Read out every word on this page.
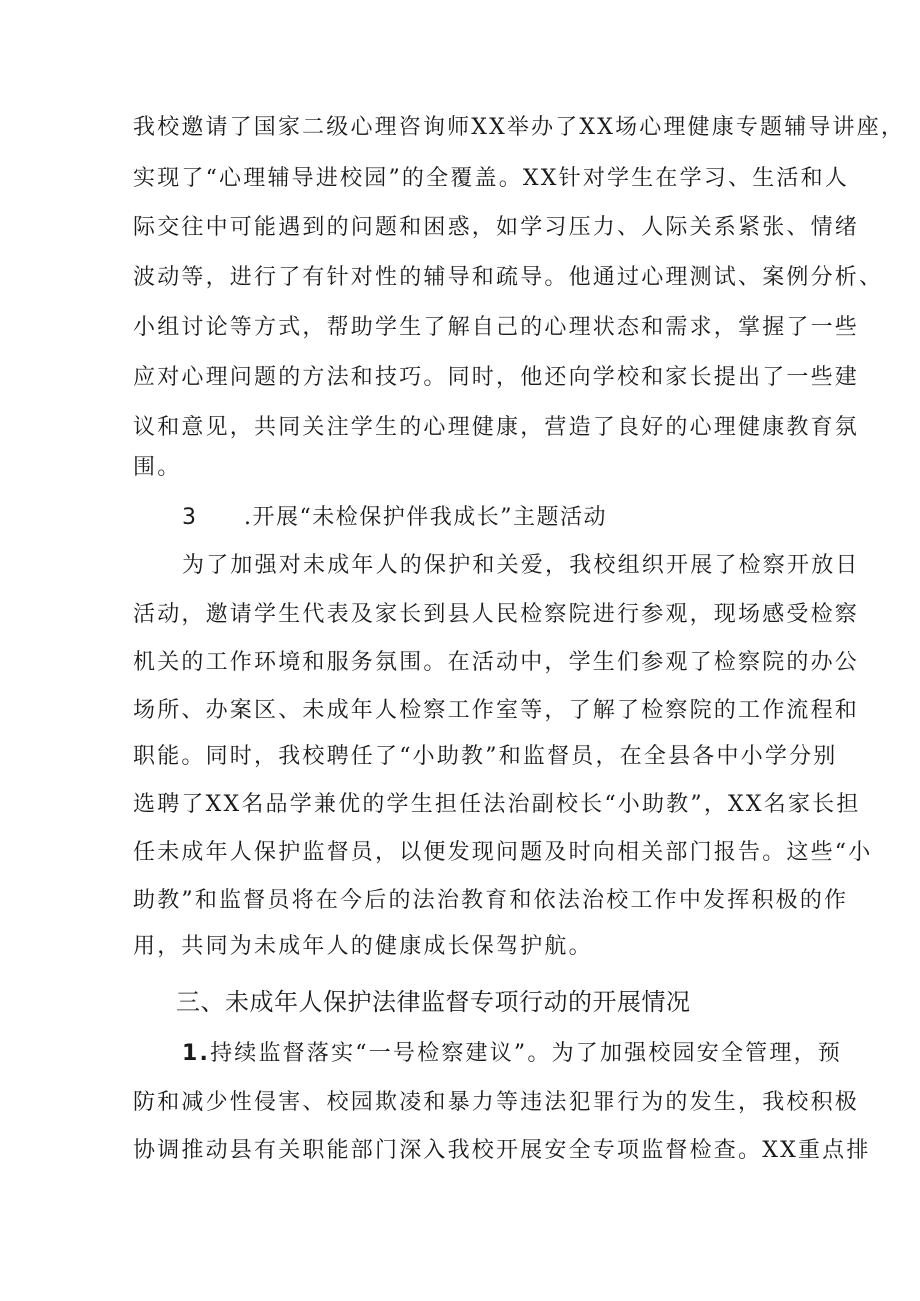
我校邀请了国家二级心理咨询师XX举办了XX场心理健康专题辅导讲座，
实现了“心理辅导进校园”的全覆盖。XX针对学生在学习、生活和人
际交往中可能遇到的问题和困惑，如学习压力、人际关系紧张、情绪
波动等，进行了有针对性的辅导和疏导。他通过心理测试、案例分析、
小组讨论等方式，帮助学生了解自己的心理状态和需求，掌握了一些
应对心理问题的方法和技巧。同时，他还向学校和家长提出了一些建
议和意见，共同关注学生的心理健康，营造了良好的心理健康教育氛
围。
3 .开展“未检保护伴我成长”主题活动
为了加强对未成年人的保护和关爱，我校组织开展了检察开放日
活动，邀请学生代表及家长到县人民检察院进行参观，现场感受检察
机关的工作环境和服务氛围。在活动中，学生们参观了检察院的办公
场所、办案区、未成年人检察工作室等，了解了检察院的工作流程和
职能。同时，我校聘任了“小助教”和监督员，在全县各中小学分别
选聘了XX名品学兼优的学生担任法治副校长“小助教”，XX名家长担
任未成年人保护监督员，以便发现问题及时向相关部门报告。这些“小
助教”和监督员将在今后的法治教育和依法治校工作中发挥积极的作
用，共同为未成年人的健康成长保驾护航。
三、未成年人保护法律监督专项行动的开展情况
1.持续监督落实“一号检察建议”。为了加强校园安全管理，预
防和减少性侵害、校园欺凌和暴力等违法犯罪行为的发生，我校积极
协调推动县有关职能部门深入我校开展安全专项监督检查。XX重点排
